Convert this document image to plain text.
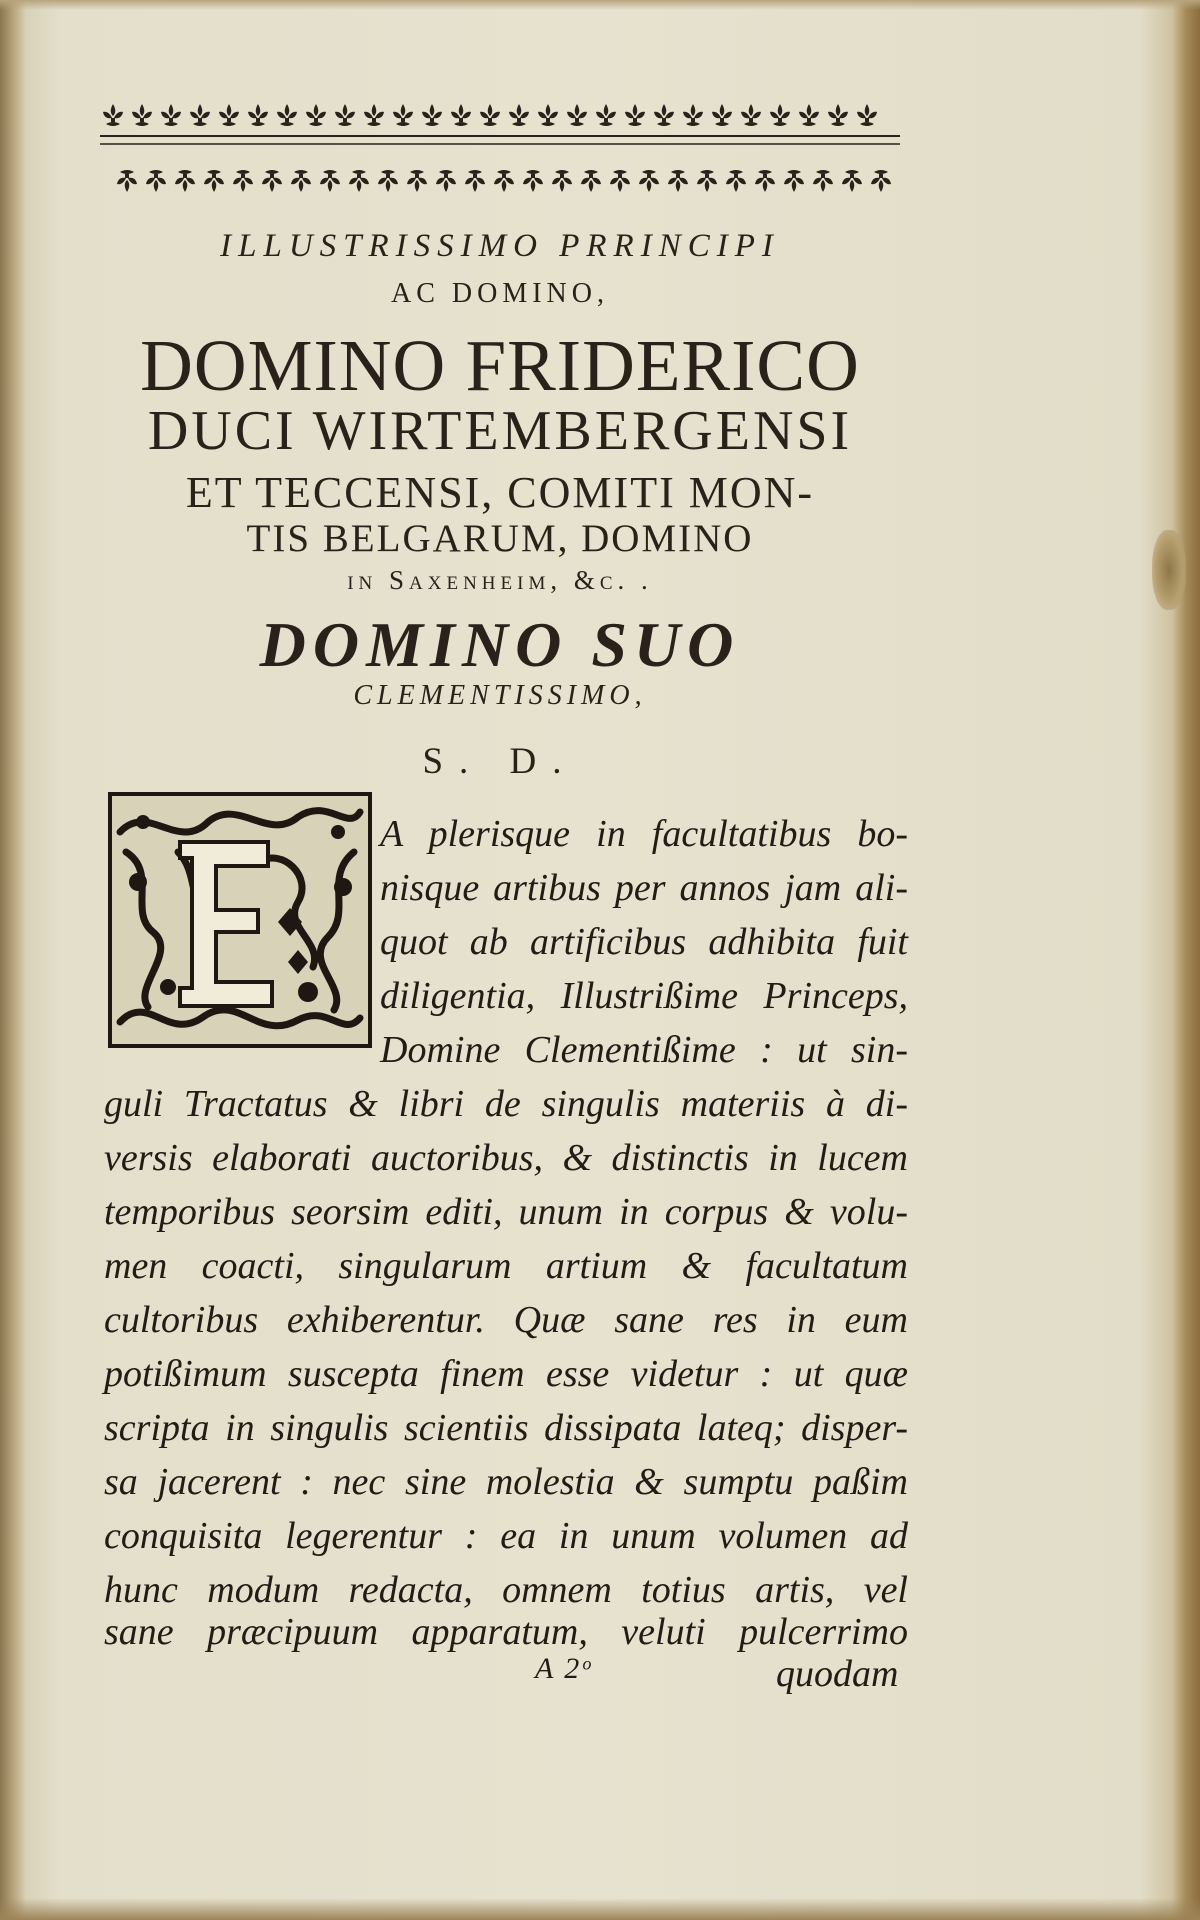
ILLUSTRISSIMO PRRINCIPI
AC DOMINO,
DOMINO FRIDERICO
DUCI WIRTEMBERGENSI
ET TECCENSI, COMITI MON-
TIS BELGARUM, DOMINO
in Saxenheim, &c. .
DOMINO SUO
CLEMENTISSIMO,
S. D.
A plerisque in facultatibus bo-
nisque artibus per annos jam ali-
quot ab artificibus adhibita fuit
diligentia, Illustrißime Princeps,
Domine Clementißime : ut sin-
guli Tractatus & libri de singulis materiis à di-
versis elaborati auctoribus, & distinctis in lucem
temporibus seorsim editi, unum in corpus & volu-
men coacti, singularum artium & facultatum
cultoribus exhiberentur. Quæ sane res in eum
potißimum suscepta finem esse videtur : ut quæ
scripta in singulis scientiis dissipata lateq; disper-
sa jacerent : nec sine molestia & sumptu paßim
conquisita legerentur : ea in unum volumen ad
hunc modum redacta, omnem totius artis, vel
A 2ᵒ	quodam
sane præcipuum apparatum, veluti pulcerrimo
